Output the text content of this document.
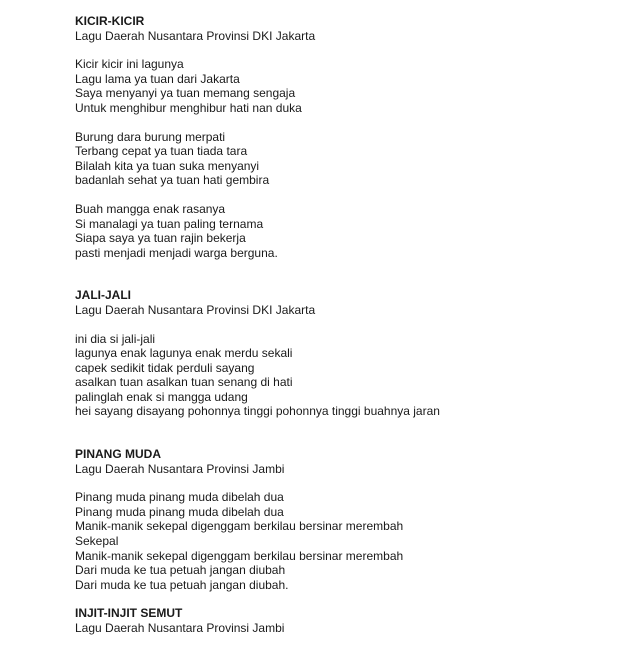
KICIR-KICIR
Lagu Daerah Nusantara Provinsi DKI Jakarta
Kicir kicir ini lagunya
Lagu lama ya tuan dari Jakarta
Saya menyanyi ya tuan memang sengaja
Untuk menghibur menghibur hati nan duka
Burung dara burung merpati
Terbang cepat ya tuan tiada tara
Bilalah kita ya tuan suka menyanyi
badanlah sehat ya tuan hati gembira
Buah mangga enak rasanya
Si manalagi ya tuan paling ternama
Siapa saya ya tuan rajin bekerja
pasti menjadi menjadi warga berguna.
JALI-JALI
Lagu Daerah Nusantara Provinsi DKI Jakarta
ini dia si jali-jali
lagunya enak lagunya enak merdu sekali
capek sedikit tidak perduli sayang
asalkan tuan asalkan tuan senang di hati
palinglah enak si mangga udang
hei sayang disayang pohonnya tinggi pohonnya tinggi buahnya jaran
PINANG MUDA
Lagu Daerah Nusantara Provinsi Jambi
Pinang muda pinang muda dibelah dua
Pinang muda pinang muda dibelah dua
Manik-manik sekepal digenggam berkilau bersinar merembah
Sekepal
Manik-manik sekepal digenggam berkilau bersinar merembah
Dari muda ke tua petuah jangan diubah
Dari muda ke tua petuah jangan diubah.
INJIT-INJIT SEMUT
Lagu Daerah Nusantara Provinsi Jambi
